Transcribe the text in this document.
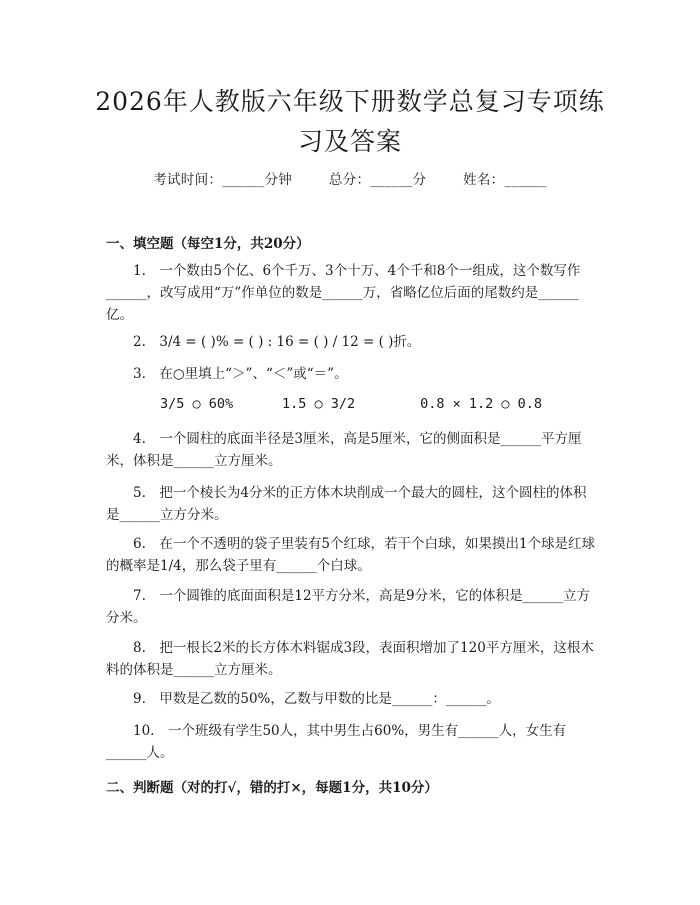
2026年人教版六年级下册数学总复习专项练习及答案
考试时间：______分钟	总分：______分	姓名：______

一、填空题（每空1分，共20分）

1.　一个数由5个亿、6个千万、3个十万、4个千和8个一组成，这个数写作______，改写成用“万”作单位的数是______万，省略亿位后面的尾数约是______亿。

2.　3/4 = ( )% = ( ) : 16 = ( ) / 12 = ( )折。

3.　在○里填上“＞”、“＜”或“＝”。

3/5 ○ 60%	1.5 ○ 3/2	0.8 × 1.2 ○ 0.8

4.　一个圆柱的底面半径是3厘米，高是5厘米，它的侧面积是______平方厘米，体积是______立方厘米。

5.　把一个棱长为4分米的正方体木块削成一个最大的圆柱，这个圆柱的体积是______立方分米。

6.　在一个不透明的袋子里装有5个红球，若干个白球，如果摸出1个球是红球的概率是1/4，那么袋子里有______个白球。

7.　一个圆锥的底面面积是12平方分米，高是9分米，它的体积是______立方分米。

8.　把一根长2米的长方体木料锯成3段，表面积增加了120平方厘米，这根木料的体积是______立方厘米。

9.　甲数是乙数的50%，乙数与甲数的比是______：______。

10.　一个班级有学生50人，其中男生占60%，男生有______人，女生有______人。

二、判断题（对的打√，错的打×，每题1分，共10分）
